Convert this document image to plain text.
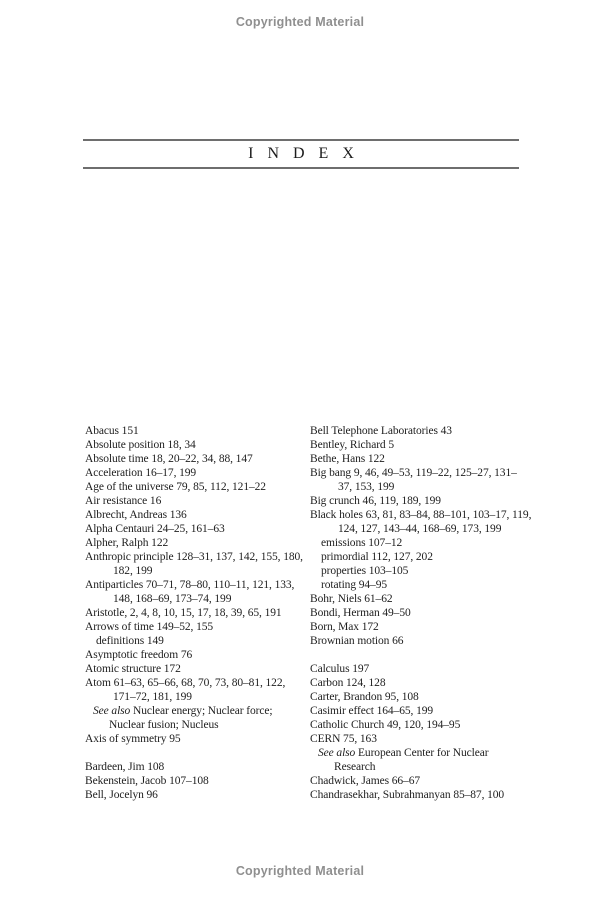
Copyrighted Material
INDEX
Abacus 151
Absolute position 18, 34
Absolute time 18, 20–22, 34, 88, 147
Acceleration 16–17, 199
Age of the universe 79, 85, 112, 121–22
Air resistance 16
Albrecht, Andreas 136
Alpha Centauri 24–25, 161–63
Alpher, Ralph 122
Anthropic principle 128–31, 137, 142, 155, 180,
182, 199
Antiparticles 70–71, 78–80, 110–11, 121, 133,
148, 168–69, 173–74, 199
Aristotle, 2, 4, 8, 10, 15, 17, 18, 39, 65, 191
Arrows of time 149–52, 155
definitions 149
Asymptotic freedom 76
Atomic structure 172
Atom 61–63, 65–66, 68, 70, 73, 80–81, 122,
171–72, 181, 199
See also Nuclear energy; Nuclear force;
Nuclear fusion; Nucleus
Axis of symmetry 95

Bardeen, Jim 108
Bekenstein, Jacob 107–108
Bell, Jocelyn 96
Bell Telephone Laboratories 43
Bentley, Richard 5
Bethe, Hans 122
Big bang 9, 46, 49–53, 119–22, 125–27, 131–
37, 153, 199
Big crunch 46, 119, 189, 199
Black holes 63, 81, 83–84, 88–101, 103–17, 119,
124, 127, 143–44, 168–69, 173, 199
emissions 107–12
primordial 112, 127, 202
properties 103–105
rotating 94–95
Bohr, Niels 61–62
Bondi, Herman 49–50
Born, Max 172
Brownian motion 66

Calculus 197
Carbon 124, 128
Carter, Brandon 95, 108
Casimir effect 164–65, 199
Catholic Church 49, 120, 194–95
CERN 75, 163
See also European Center for Nuclear
Research
Chadwick, James 66–67
Chandrasekhar, Subrahmanyan 85–87, 100
Copyrighted Material
